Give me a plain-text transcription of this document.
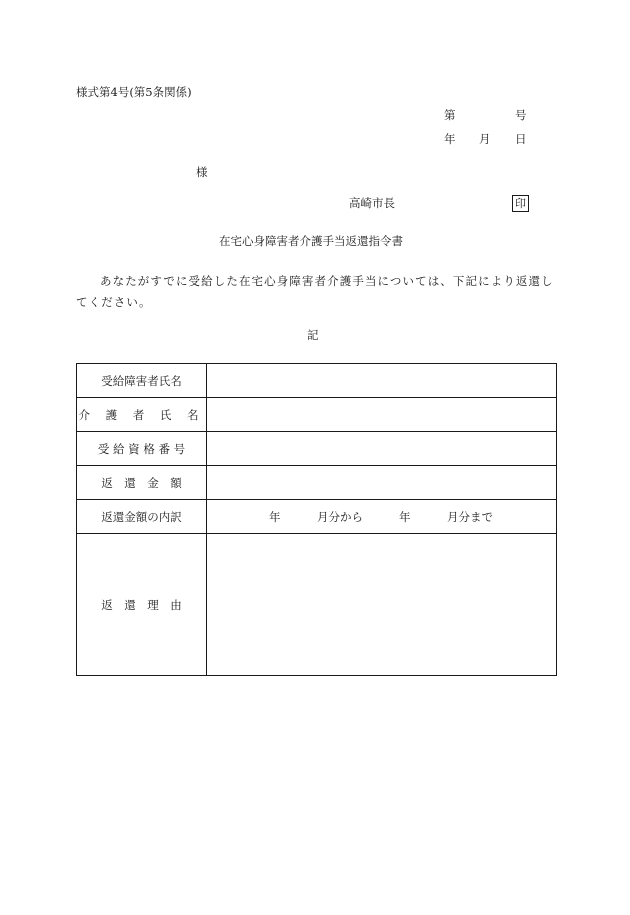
様式第4号(第5条関係)
第	号
年 月 日
様
高崎市長	印
在宅心身障害者介護手当返還指令書
あなたがすでに受給した在宅心身障害者介護手当については、下記により返還してください。
記
受給障害者氏名	
介 護 者 氏 名	
受 給 資 格 番 号	
返　還　金　額	
返還金額の内訳	年 月分から 年 月分まで

返　還　理　由	
